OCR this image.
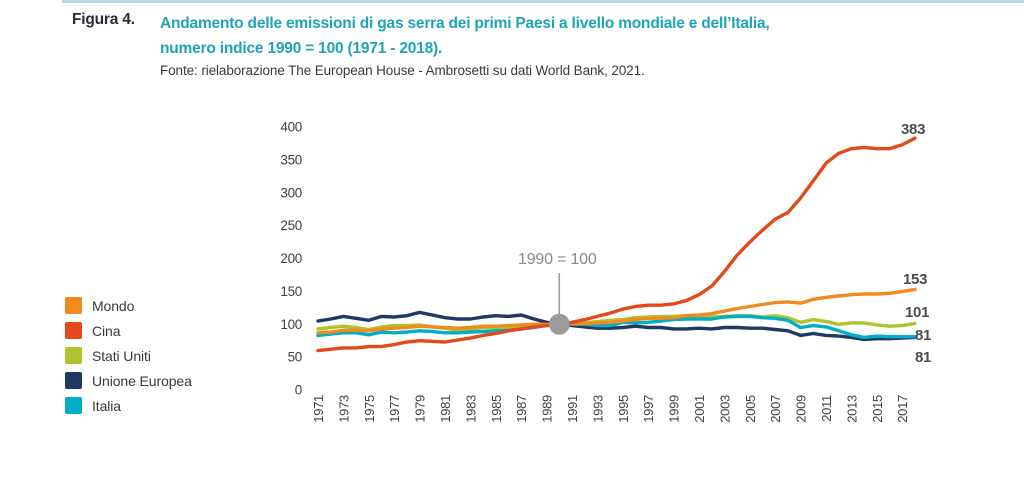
Figura 4. Andamento delle emissioni di gas serra dei primi Paesi a livello mondiale e dell’Italia,
numero indice 1990 = 100 (1971 - 2018).
Fonte: rielaborazione The European House - Ambrosetti su dati World Bank, 2021.
Mondo
Cina
Stati Uniti
Unione Europea
Italia
0
50
100
150
200
250
300
350
400
1971 1973 1975 1977 1979 1981 1983 1985 1987 1989 1991 1993 1995 1997 1999 2001 2003 2005 2007 2009 2011 2013 2015 2017
1990 = 100
383
153
101
81
81
